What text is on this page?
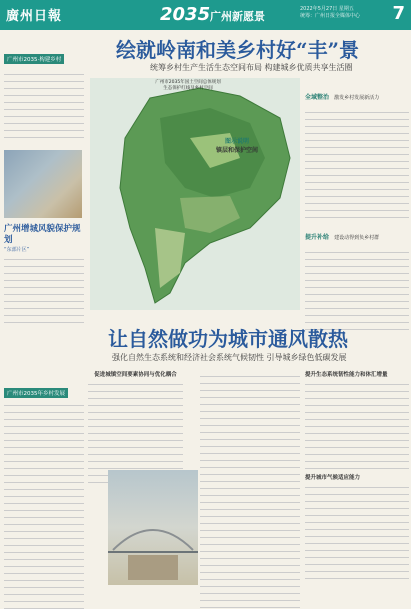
廣州日報	2035 广州新愿景
2022年5月27日 星期五 统筹：广州日报全媒体中心 7
绘就岭南和美乡村好“丰”景
统筹乡村生产生活生态空间布局 构建城乡优质共享生活圈
广州市2035·构建乡村
广州增城风貌保护规划
“东部片区”
广州市2035年国土空间总体规划
生态保护红线及乡村空间
图示说明
镇层和保护空间
全域整治 激发乡村发展新活力
提升补给 建设动得到负乡村群
让自然做功为城市通风散热
强化自然生态系统和经济社会系统气候韧性 引导城乡绿色低碳发展
广州市2035年乡村发展
促进城镇空间要素协同与优化耦合	提升生态系统韧性能力和体汇增量
提升城市气候适应能力
